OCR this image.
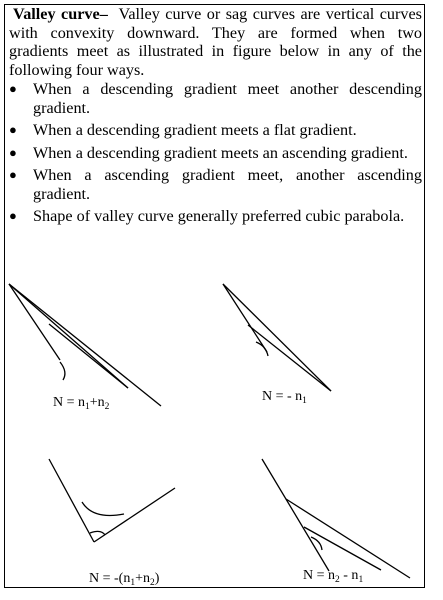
Valley curve– Valley curve or sag curves are vertical curves with convexity downward. They are formed when two gradients meet as illustrated in figure below in any of the following four ways.

● When a descending gradient meet another descending gradient.
● When a descending gradient meets a flat gradient.
● When a descending gradient meets an ascending gradient.
● When a ascending gradient meet, another ascending gradient.
● Shape of valley curve generally preferred cubic parabola.
$N = n_1+n_2$
N = - $n_1$
$N = -(n_1+n_2)$	$N = n_2 - n_1$
